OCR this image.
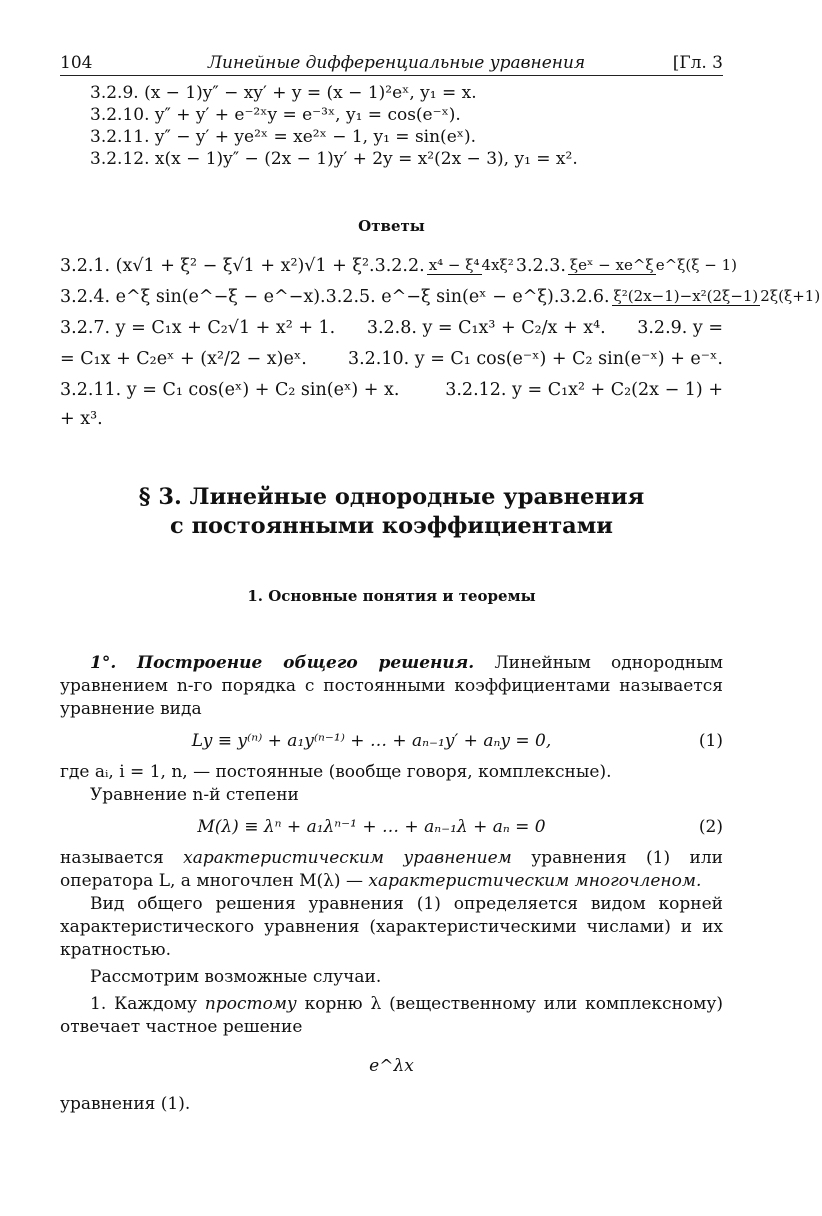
104	Линейные дифференциальные уравнения	[Гл. 3
3.2.9. (x − 1)y″ − xy′ + y = (x − 1)²eˣ, y₁ = x.
3.2.10. y″ + y′ + e⁻²ˣy = e⁻³ˣ, y₁ = cos(e⁻ˣ).
3.2.11. y″ − y′ + ye²ˣ = xe²ˣ − 1, y₁ = sin(eˣ).
3.2.12. x(x − 1)y″ − (2x − 1)y′ + 2y = x²(2x − 3), y₁ = x².
Ответы
3.2.1. (x√1 + ξ² − ξ√1 + x²)√1 + ξ². 3.2.2. x⁴ − ξ⁴ 4xξ² 3.2.3. ξeˣ − xe^ξ e^ξ(ξ − 1)
3.2.4. e^ξ sin(e^−ξ − e^−x). 3.2.5. e^−ξ sin(eˣ − e^ξ). 3.2.6. ξ²(2x−1)−x²(2ξ−1) 2ξ(ξ+1)
3.2.7. y = C₁x + C₂√1 + x² + 1. 3.2.8. y = C₁x³ + C₂/x + x⁴. 3.2.9. y =
= C₁x + C₂eˣ + (x²/2 − x)eˣ. 3.2.10. y = C₁ cos(e⁻ˣ) + C₂ sin(e⁻ˣ) + e⁻ˣ.
3.2.11. y = C₁ cos(eˣ) + C₂ sin(eˣ) + x.	3.2.12. y = C₁x² + C₂(2x − 1) +
+ x³.
§ 3. Линейные однородные уравнения
с постоянными коэффициентами
1. Основные понятия и теоремы

1°. Построение общего решения. Линейным однородным уравнением n-го порядка с постоянными коэффициентами называется уравнение вида

Ly ≡ y⁽ⁿ⁾ + a₁y⁽ⁿ⁻¹⁾ + … + aₙ₋₁y′ + aₙy = 0,	(1)

где aᵢ, i = 1, n, — постоянные (вообще говоря, комплексные).

Уравнение n-й степени

M(λ) ≡ λⁿ + a₁λⁿ⁻¹ + … + aₙ₋₁λ + aₙ = 0	(2)

называется характеристическим уравнением уравнения (1) или оператора L, а многочлен M(λ) — характеристическим многочленом.

Вид общего решения уравнения (1) определяется видом корней характеристического уравнения (характеристическими числами) и их кратностью.

Рассмотрим возможные случаи.

1. Каждому простому корню λ (вещественному или комплексному) отвечает частное решение

e^λx

уравнения (1).
